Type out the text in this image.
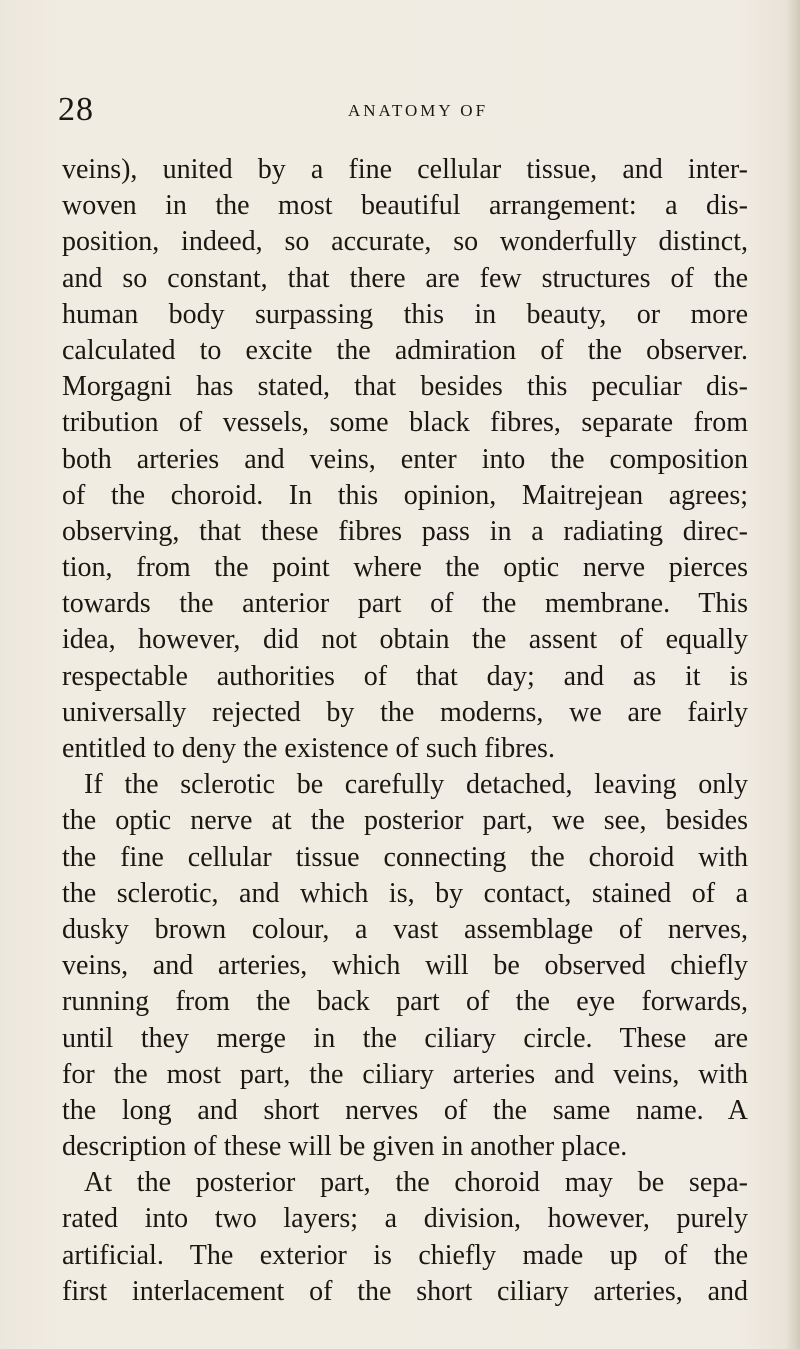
28	ANATOMY OF
veins), united by a fine cellular tissue, and inter-
woven in the most beautiful arrangement: a dis-
position, indeed, so accurate, so wonderfully distinct,
and so constant, that there are few structures of the
human body surpassing this in beauty, or more
calculated to excite the admiration of the observer.
Morgagni has stated, that besides this peculiar dis-
tribution of vessels, some black fibres, separate from
both arteries and veins, enter into the composition
of the choroid. In this opinion, Maitrejean agrees;
observing, that these fibres pass in a radiating direc-
tion, from the point where the optic nerve pierces
towards the anterior part of the membrane. This
idea, however, did not obtain the assent of equally
respectable authorities of that day; and as it is
universally rejected by the moderns, we are fairly
entitled to deny the existence of such fibres.
If the sclerotic be carefully detached, leaving only
the optic nerve at the posterior part, we see, besides
the fine cellular tissue connecting the choroid with
the sclerotic, and which is, by contact, stained of a
dusky brown colour, a vast assemblage of nerves,
veins, and arteries, which will be observed chiefly
running from the back part of the eye forwards,
until they merge in the ciliary circle. These are
for the most part, the ciliary arteries and veins, with
the long and short nerves of the same name. A
description of these will be given in another place.
At the posterior part, the choroid may be sepa-
rated into two layers; a division, however, purely
artificial. The exterior is chiefly made up of the
first interlacement of the short ciliary arteries, and
